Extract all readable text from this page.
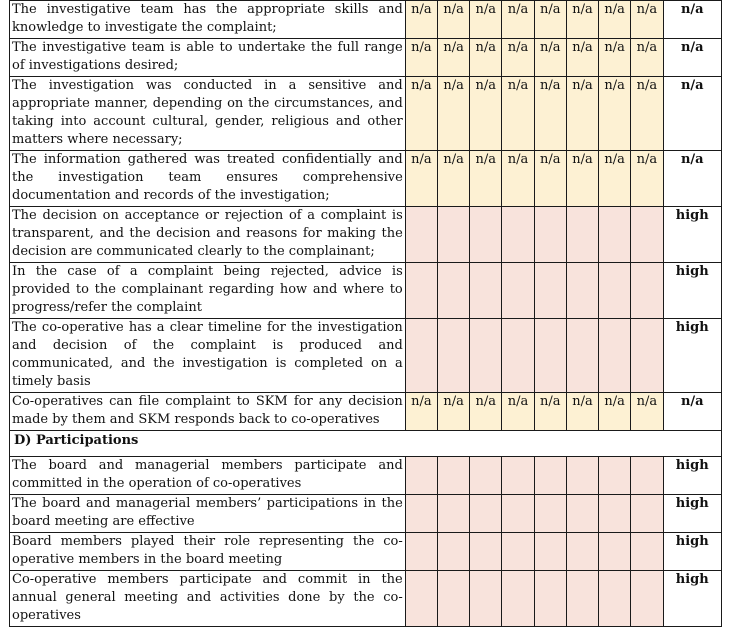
The investigative team has the appropriate skills and knowledge to investigate the complaint;	n/a	n/a	n/a	n/a	n/a	n/a	n/a	n/a	n/a
The investigative team is able to undertake the full range of investigations desired;	n/a	n/a	n/a	n/a	n/a	n/a	n/a	n/a	n/a
The investigation was conducted in a sensitive and appropriate manner, depending on the circumstances, and taking into account cultural, gender, religious and other matters where necessary;	n/a	n/a	n/a	n/a	n/a	n/a	n/a	n/a	n/a
The information gathered was treated confidentially and the investigation team ensures comprehensive documentation and records of the investigation;	n/a	n/a	n/a	n/a	n/a	n/a	n/a	n/a	n/a
The decision on acceptance or rejection of a complaint is transparent, and the decision and reasons for making the decision are communicated clearly to the complainant;									high
In the case of a complaint being rejected, advice is provided to the complainant regarding how and where to progress/refer the complaint									high
The co-operative has a clear timeline for the investigation and decision of the complaint is produced and communicated, and the investigation is completed on a timely basis									high
Co-operatives can file complaint to SKM for any decision made by them and SKM responds back to co-operatives	n/a	n/a	n/a	n/a	n/a	n/a	n/a	n/a	n/a
D) Participations									
The board and managerial members participate and committed in the operation of co-operatives									high
The board and managerial members’ participations in the board meeting are effective									high
Board members played their role representing the co-operative members in the board meeting									high
Co-operative members participate and commit in the annual general meeting and activities done by the co-operatives									high
